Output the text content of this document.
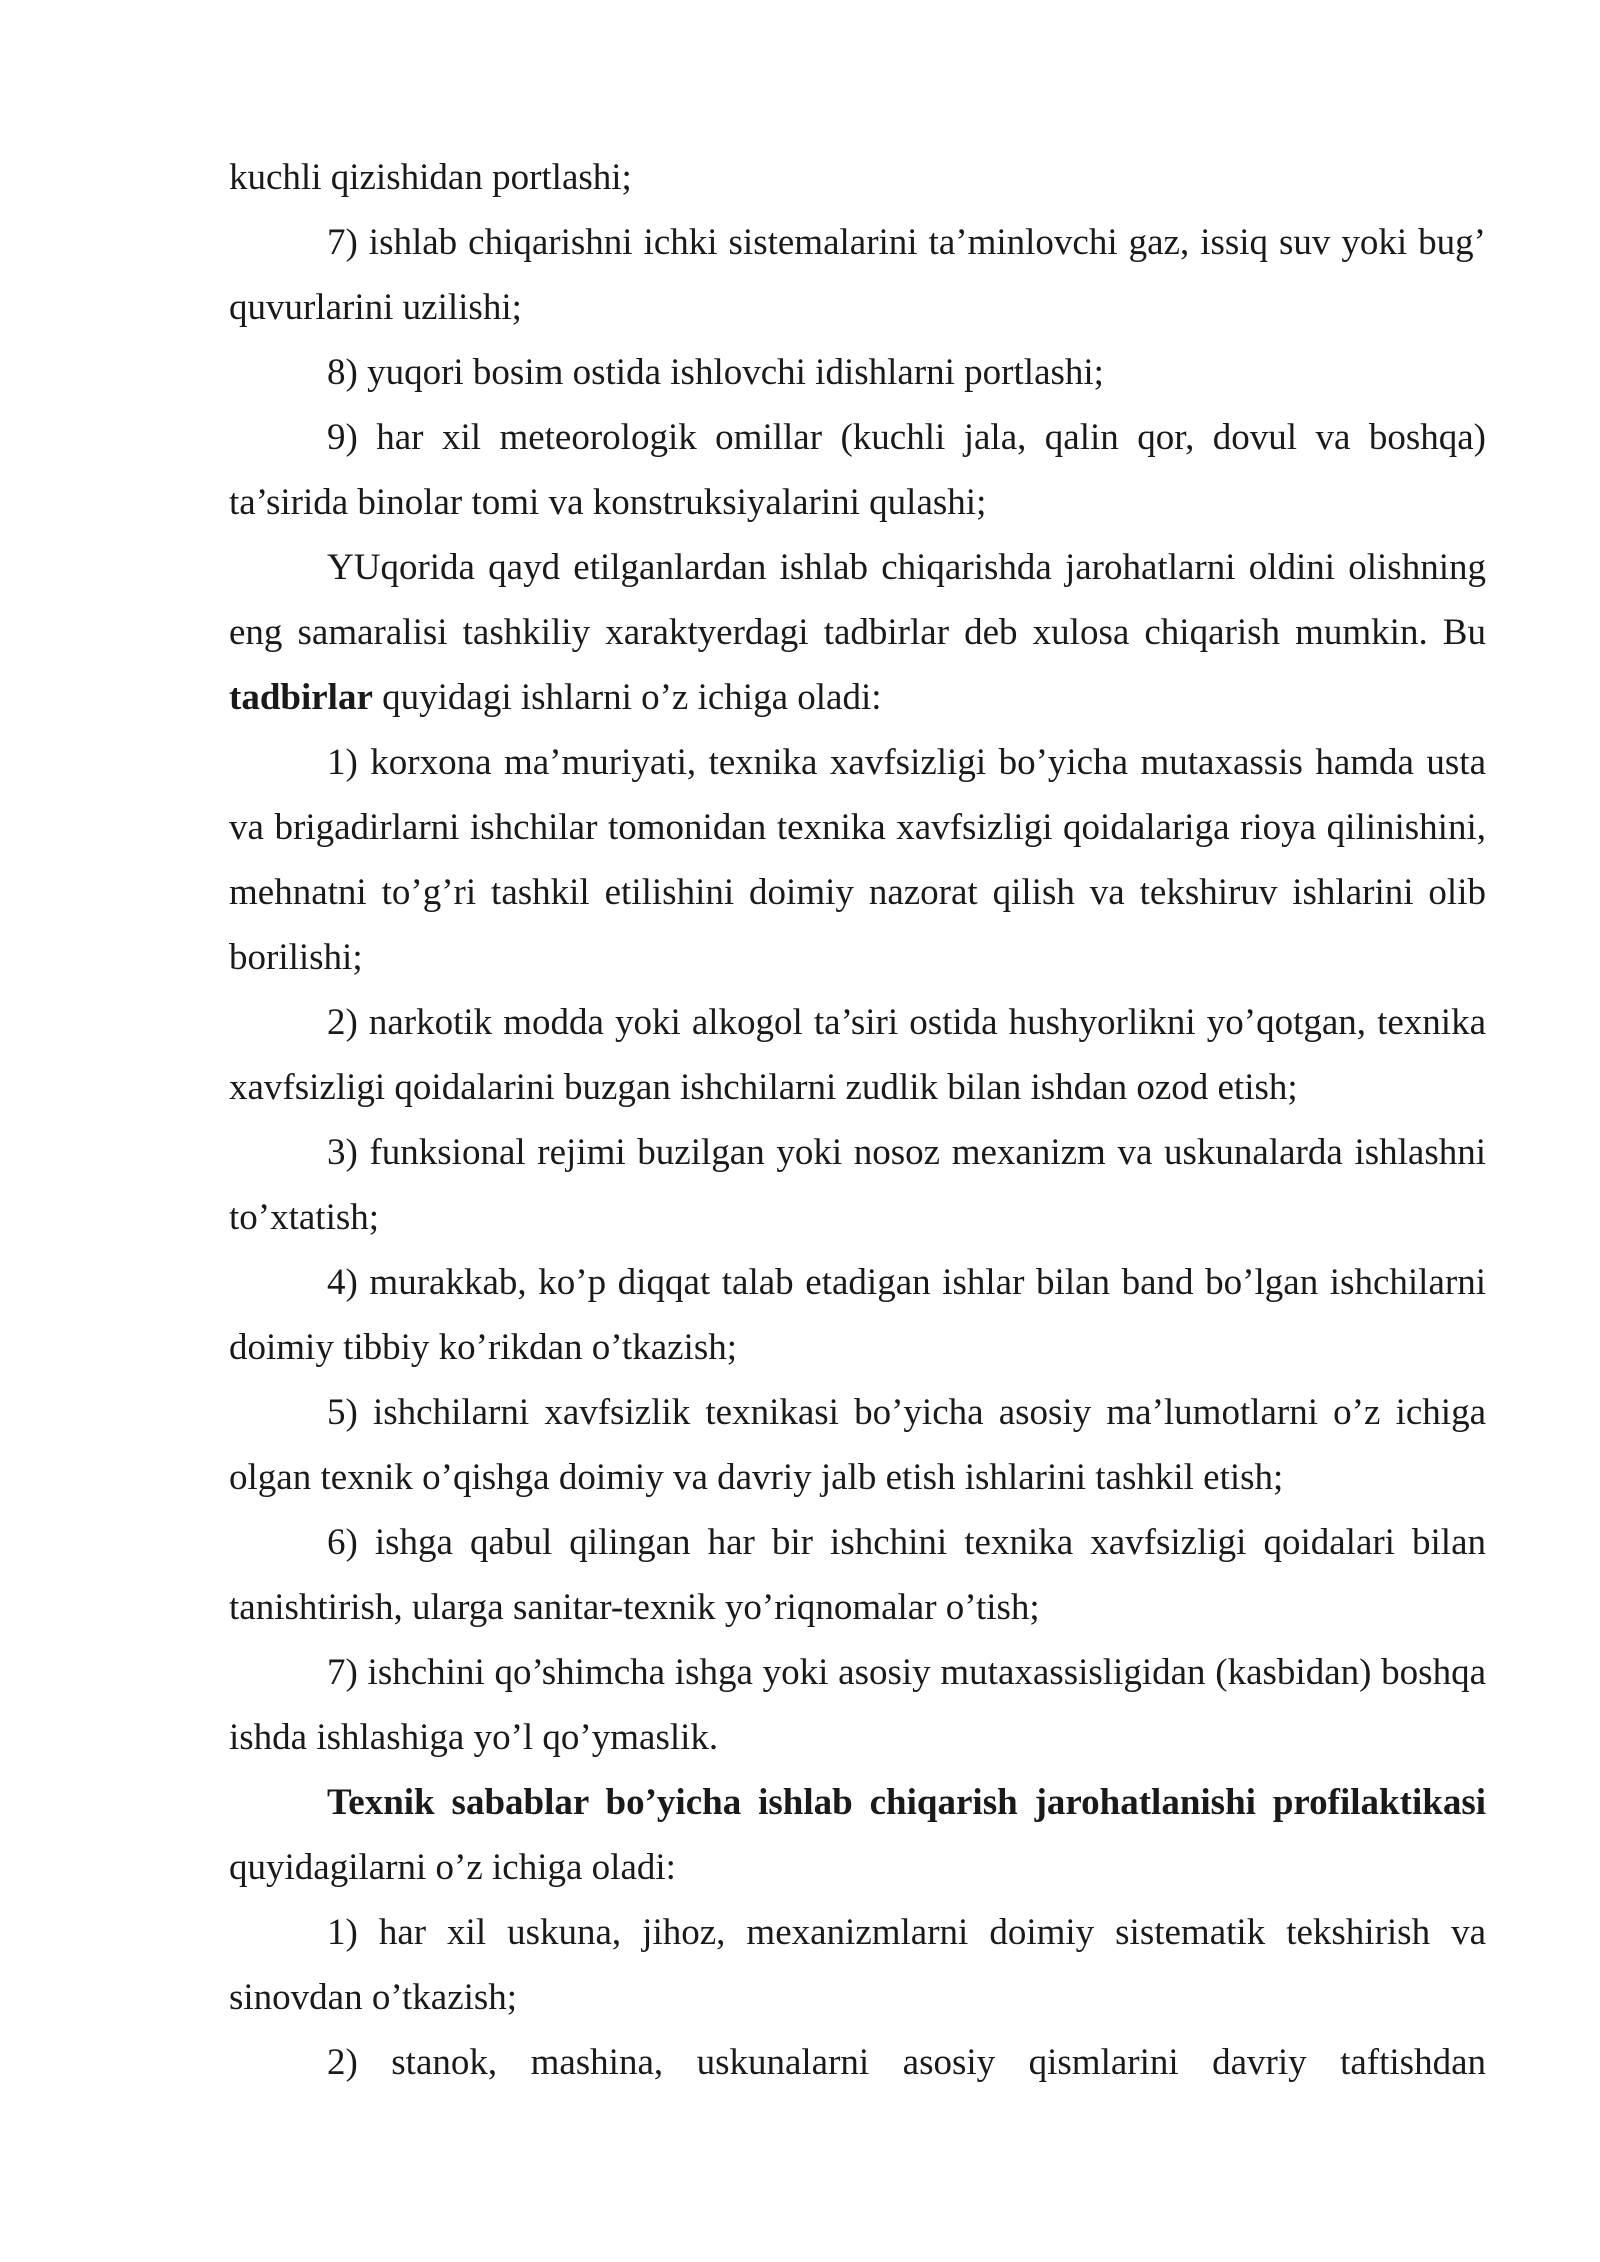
kuchli qizishidan portlashi;

7) ishlab chiqarishni ichki sistemalarini ta’minlovchi gaz, issiq suv yoki bug’ quvurlarini uzilishi;

8) yuqori bosim ostida ishlovchi idishlarni portlashi;

9) har xil meteorologik omillar (kuchli jala, qalin qor, dovul va boshqa) ta’sirida binolar tomi va konstruksiyalarini qulashi;

YUqorida qayd etilganlardan ishlab chiqarishda jarohatlarni oldini olishning eng samaralisi tashkiliy xaraktyerdagi tadbirlar deb xulosa chiqarish mumkin. Bu tadbirlar quyidagi ishlarni o’z ichiga oladi:

1) korxona ma’muriyati, texnika xavfsizligi bo’yicha mutaxassis hamda usta va brigadirlarni ishchilar tomonidan texnika xavfsizligi qoidalariga rioya qilinishini, mehnatni to’g’ri tashkil etilishini doimiy nazorat qilish va tekshiruv ishlarini olib borilishi;

2) narkotik modda yoki alkogol ta’siri ostida hushyorlikni yo’qotgan, texnika xavfsizligi qoidalarini buzgan ishchilarni zudlik bilan ishdan ozod etish;

3) funksional rejimi buzilgan yoki nosoz mexanizm va uskunalarda ishlashni to’xtatish;

4) murakkab, ko’p diqqat talab etadigan ishlar bilan band bo’lgan ishchilarni doimiy tibbiy ko’rikdan o’tkazish;

5) ishchilarni xavfsizlik texnikasi bo’yicha asosiy ma’lumotlarni o’z ichiga olgan texnik o’qishga doimiy va davriy jalb etish ishlarini tashkil etish;

6) ishga qabul qilingan har bir ishchini texnika xavfsizligi qoidalari bilan tanishtirish, ularga sanitar-texnik yo’riqnomalar o’tish;

7) ishchini qo’shimcha ishga yoki asosiy mutaxassisligidan (kasbidan) boshqa ishda ishlashiga yo’l qo’ymaslik.

Texnik sabablar bo’yicha ishlab chiqarish jarohatlanishi profilaktikasi quyidagilarni o’z ichiga oladi:

1) har xil uskuna, jihoz, mexanizmlarni doimiy sistematik tekshirish va sinovdan o’tkazish;

2) stanok, mashina, uskunalarni asosiy qismlarini davriy taftishdan
